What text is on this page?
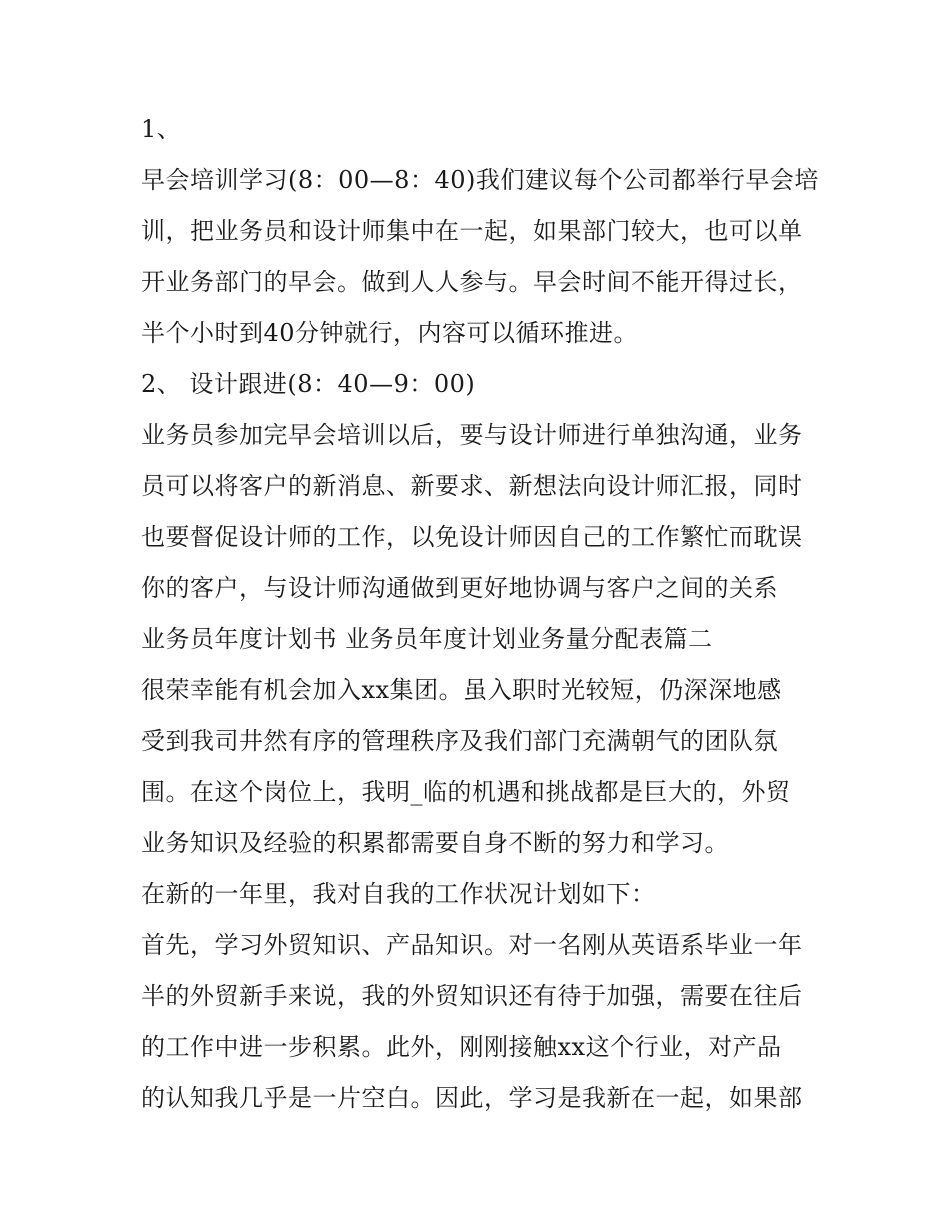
1、
早会培训学习(8：00—8：40)我们建议每个公司都举行早会培
训，把业务员和设计师集中在一起，如果部门较大，也可以单
开业务部门的早会。做到人人参与。早会时间不能开得过长，
半个小时到40分钟就行，内容可以循环推进。
2、 设计跟进(8：40—9：00)
业务员参加完早会培训以后，要与设计师进行单独沟通，业务
员可以将客户的新消息、新要求、新想法向设计师汇报，同时
也要督促设计师的工作，以免设计师因自己的工作繁忙而耽误
你的客户，与设计师沟通做到更好地协调与客户之间的关系
业务员年度计划书 业务员年度计划业务量分配表篇二
很荣幸能有机会加入xx集团。虽入职时光较短，仍深深地感
受到我司井然有序的管理秩序及我们部门充满朝气的团队氛
围。在这个岗位上，我明_临的机遇和挑战都是巨大的，外贸
业务知识及经验的积累都需要自身不断的努力和学习。
在新的一年里，我对自我的工作状况计划如下：
首先，学习外贸知识、产品知识。对一名刚从英语系毕业一年
半的外贸新手来说，我的外贸知识还有待于加强，需要在往后
的工作中进一步积累。此外，刚刚接触xx这个行业，对产品
的认知我几乎是一片空白。因此，学习是我新在一起，如果部
